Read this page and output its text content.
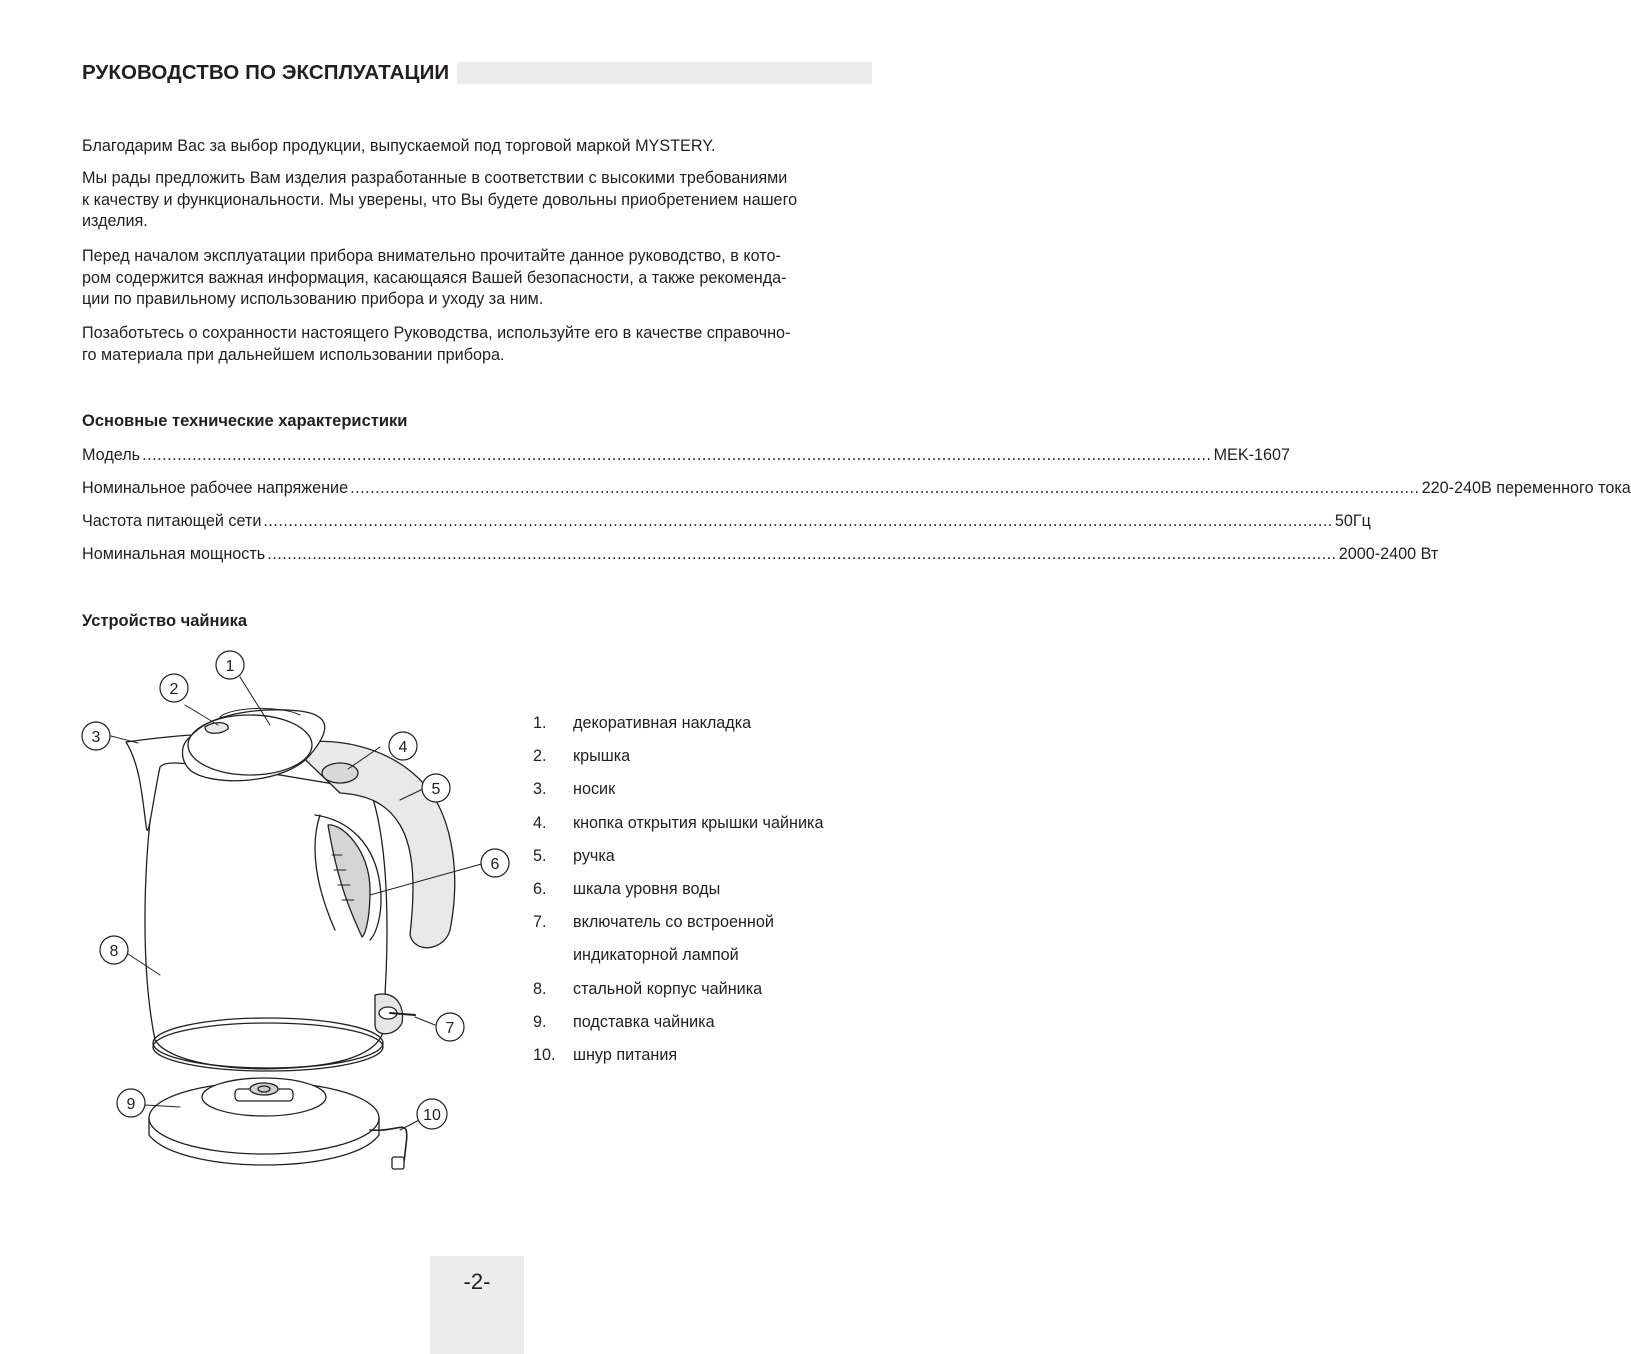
РУКОВОДСТВО ПО ЭКСПЛУАТАЦИИ

Благодарим Вас за выбор продукции, выпускаемой под торговой маркой MYSTERY.

Мы рады предложить Вам изделия разработанные в соответствии с высокими требованиями
к качеству и функциональности. Мы уверены, что Вы будете довольны приобретением нашего
изделия.

Перед началом эксплуатации прибора внимательно прочитайте данное руководство, в кото-
ром содержится важная информация, касающаяся Вашей безопасности, а также рекоменда-
ции по правильному использованию прибора и уходу за ним.

Позаботьтесь о сохранности настоящего Руководства, используйте его в качестве справочно-
го материала при дальнейшем использовании прибора.

Основные технические характеристики
Модель .....	MEK-1607
Номинальное рабочее напряжение .....	220-240В переменного тока
Частота питающей сети .....	50Гц
Номинальная мощность .....	2000-2400 Вт
Устройство чайника
1
2
3
4
5
6
7
8
9
10
1.	декоративная накладка
2.	крышка
3.	носик
4.	кнопка открытия крышки чайника
5.	ручка
6.	шкала уровня воды
7.	включатель со встроенной
индикаторной лампой
8.	стальной корпус чайника
9.	подставка чайника
10.	шнур питания
-2-
